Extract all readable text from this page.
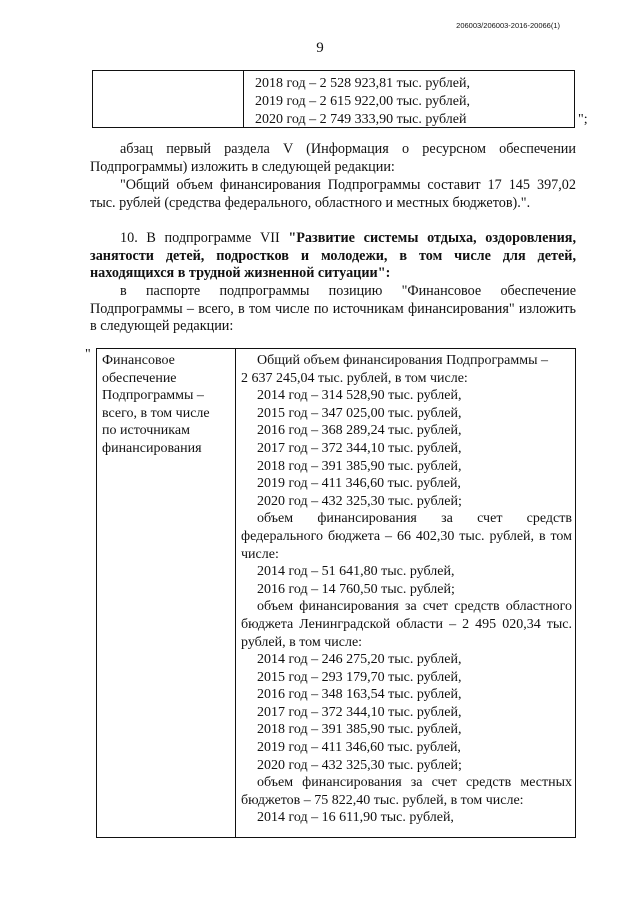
206003/206003-2016-20066(1)
9
2018 год – 2 528 923,81 тыс. рублей,
2019 год – 2 615 922,00 тыс. рублей,
2020 год – 2 749 333,90 тыс. рублей	";
абзац первый раздела V (Информация о ресурсном обеспечении Подпрограммы) изложить в следующей редакции:
"Общий объем финансирования Подпрограммы составит 17 145 397,02 тыс. рублей (средства федерального, областного и местных бюджетов).".
10. В подпрограмме VII "Развитие системы отдыха, оздоровления, занятости детей, подростков и молодежи, в том числе для детей, находящихся в трудной жизненной ситуации":
в паспорте подпрограммы позицию "Финансовое обеспечение Подпрограммы – всего, в том числе по источникам финансирования" изложить в следующей редакции:
" Финансовое
обеспечение
Подпрограммы –
всего, в том числе
по источникам
финансирования
Общий объем финансирования Подпрограммы –
2 637 245,04 тыс. рублей, в том числе:
2014 год – 314 528,90 тыс. рублей,
2015 год – 347 025,00 тыс. рублей,
2016 год – 368 289,24 тыс. рублей,
2017 год – 372 344,10 тыс. рублей,
2018 год – 391 385,90 тыс. рублей,
2019 год – 411 346,60 тыс. рублей,
2020 год – 432 325,30 тыс. рублей;
объем финансирования за счет средств федерального бюджета – 66 402,30 тыс. рублей, в том числе:
2014 год – 51 641,80 тыс. рублей,
2016 год – 14 760,50 тыс. рублей;
объем финансирования за счет средств областного бюджета Ленинградской области – 2 495 020,34 тыс. рублей, в том числе:
2014 год – 246 275,20 тыс. рублей,
2015 год – 293 179,70 тыс. рублей,
2016 год – 348 163,54 тыс. рублей,
2017 год – 372 344,10 тыс. рублей,
2018 год – 391 385,90 тыс. рублей,
2019 год – 411 346,60 тыс. рублей,
2020 год – 432 325,30 тыс. рублей;
объем финансирования за счет средств местных бюджетов – 75 822,40 тыс. рублей, в том числе:
2014 год – 16 611,90 тыс. рублей,
